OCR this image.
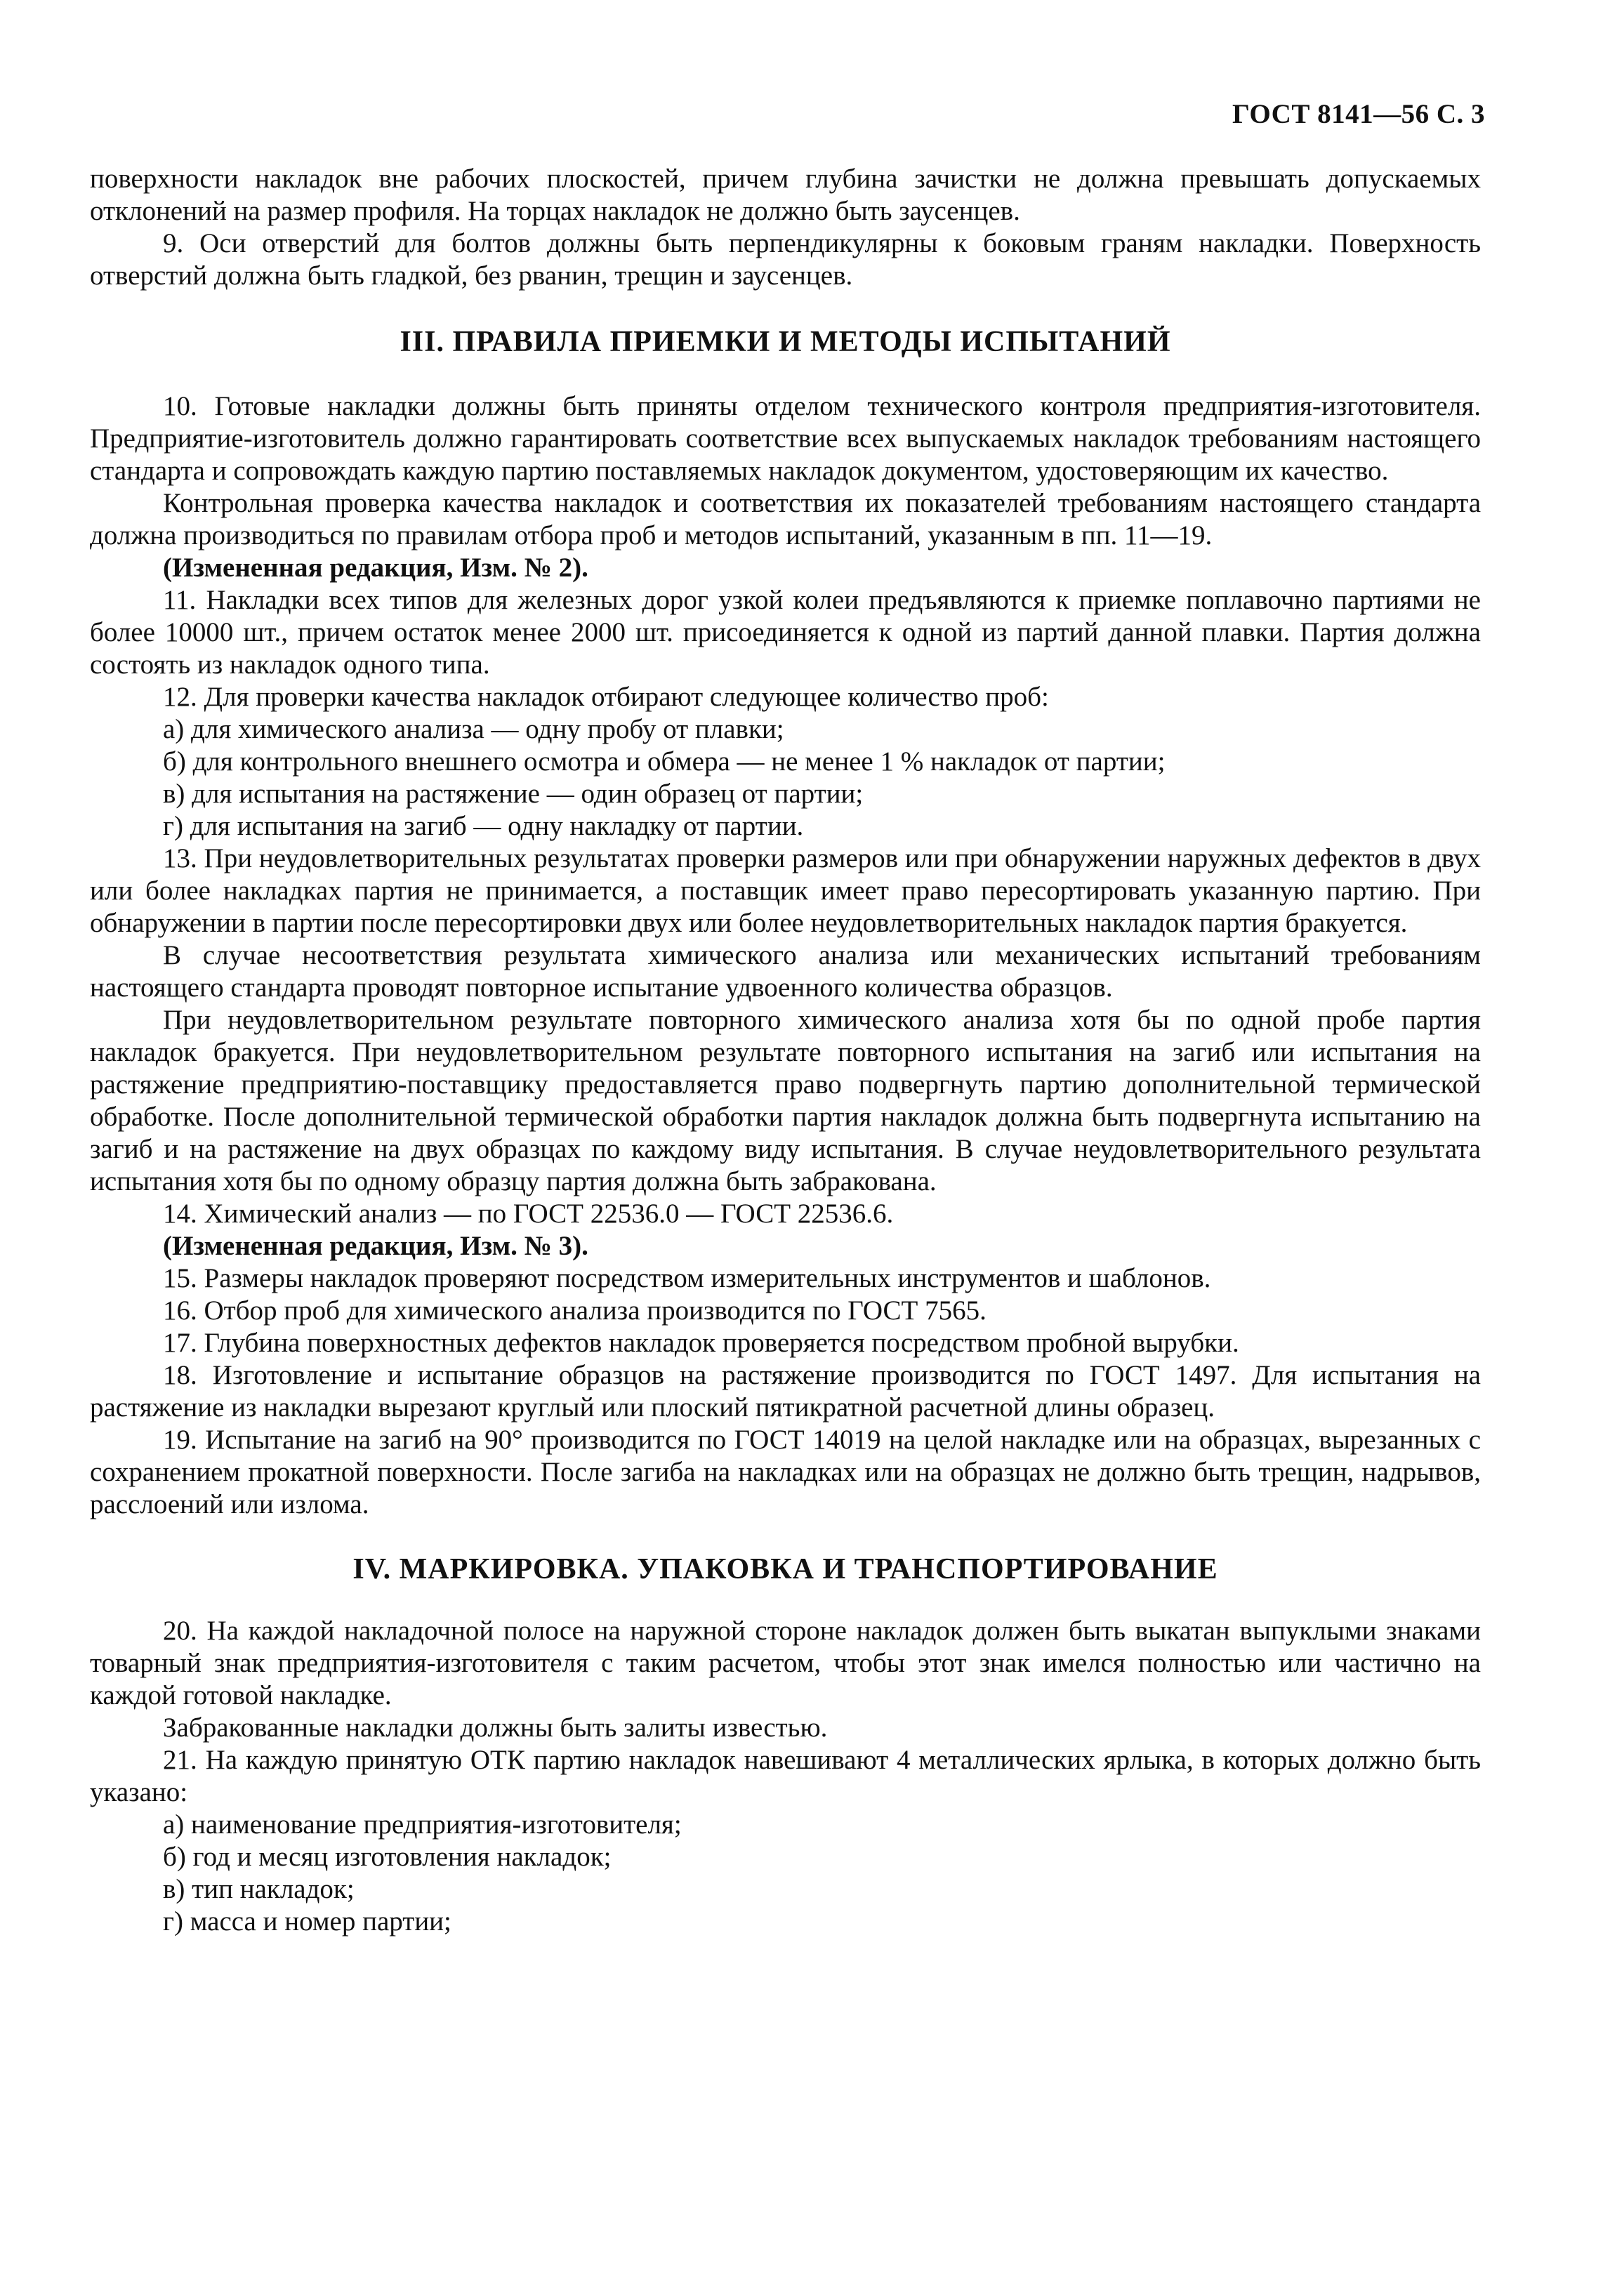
ГОСТ 8141—56 С. 3

поверхности накладок вне рабочих плоскостей, причем глубина зачистки не должна превышать допускаемых отклонений на размер профиля. На торцах накладок не должно быть заусенцев.

9. Оси отверстий для болтов должны быть перпендикулярны к боковым граням накладки. Поверхность отверстий должна быть гладкой, без рванин, трещин и заусенцев.

III. ПРАВИЛА ПРИЕМКИ И МЕТОДЫ ИСПЫТАНИЙ

10. Готовые накладки должны быть приняты отделом технического контроля предприятия-изготовителя. Предприятие-изготовитель должно гарантировать соответствие всех выпускаемых накладок требованиям настоящего стандарта и сопровождать каждую партию поставляемых накладок документом, удостоверяющим их качество.

Контрольная проверка качества накладок и соответствия их показателей требованиям настоящего стандарта должна производиться по правилам отбора проб и методов испытаний, указанным в пп. 11—19.

(Измененная редакция, Изм. № 2).

11. Накладки всех типов для железных дорог узкой колеи предъявляются к приемке поплавочно партиями не более 10000 шт., причем остаток менее 2000 шт. присоединяется к одной из партий данной плавки. Партия должна состоять из накладок одного типа.

12. Для проверки качества накладок отбирают следующее количество проб:

а) для химического анализа — одну пробу от плавки;

б) для контрольного внешнего осмотра и обмера — не менее 1 % накладок от партии;

в) для испытания на растяжение — один образец от партии;

г) для испытания на загиб — одну накладку от партии.

13. При неудовлетворительных результатах проверки размеров или при обнаружении наружных дефектов в двух или более накладках партия не принимается, а поставщик имеет право пересортировать указанную партию. При обнаружении в партии после пересортировки двух или более неудовлетворительных накладок партия бракуется.

В случае несоответствия результата химического анализа или механических испытаний требованиям настоящего стандарта проводят повторное испытание удвоенного количества образцов.

При неудовлетворительном результате повторного химического анализа хотя бы по одной пробе партия накладок бракуется. При неудовлетворительном результате повторного испытания на загиб или испытания на растяжение предприятию-поставщику предоставляется право подвергнуть партию дополнительной термической обработке. После дополнительной термической обработки партия накладок должна быть подвергнута испытанию на загиб и на растяжение на двух образцах по каждому виду испытания. В случае неудовлетворительного результата испытания хотя бы по одному образцу партия должна быть забракована.

14. Химический анализ — по ГОСТ 22536.0 — ГОСТ 22536.6.

(Измененная редакция, Изм. № 3).

15. Размеры накладок проверяют посредством измерительных инструментов и шаблонов.

16. Отбор проб для химического анализа производится по ГОСТ 7565.

17. Глубина поверхностных дефектов накладок проверяется посредством пробной вырубки.

18. Изготовление и испытание образцов на растяжение производится по ГОСТ 1497. Для испытания на растяжение из накладки вырезают круглый или плоский пятикратной расчетной длины образец.

19. Испытание на загиб на 90° производится по ГОСТ 14019 на целой накладке или на образцах, вырезанных с сохранением прокатной поверхности. После загиба на накладках или на образцах не должно быть трещин, надрывов, расслоений или излома.

IV. МАРКИРОВКА. УПАКОВКА И ТРАНСПОРТИРОВАНИЕ

20. На каждой накладочной полосе на наружной стороне накладок должен быть выкатан выпуклыми знаками товарный знак предприятия-изготовителя с таким расчетом, чтобы этот знак имелся полностью или частично на каждой готовой накладке.

Забракованные накладки должны быть залиты известью.

21. На каждую принятую ОТК партию накладок навешивают 4 металлических ярлыка, в которых должно быть указано:

а) наименование предприятия-изготовителя;

б) год и месяц изготовления накладок;

в) тип накладок;

г) масса и номер партии;
